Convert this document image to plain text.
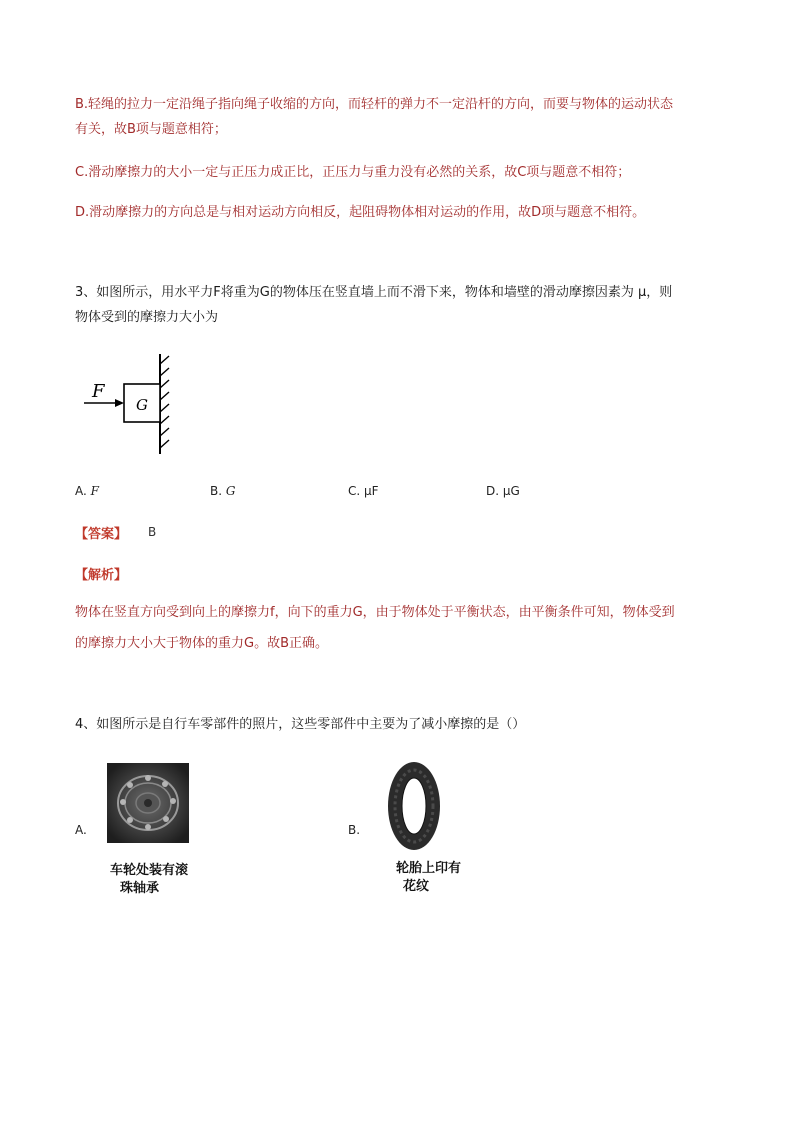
B.轻绳的拉力一定沿绳子指向绳子收缩的方向，而轻杆的弹力不一定沿杆的方向，而要与物体的运动状态
有关，故B项与题意相符；
C.滑动摩擦力的大小一定与正压力成正比，正压力与重力没有必然的关系，故C项与题意不相符；
D.滑动摩擦力的方向总是与相对运动方向相反，起阻碍物体相对运动的作用，故D项与题意不相符。
3、如图所示，用水平力F将重为G的物体压在竖直墙上而不滑下来，物体和墙壁的滑动摩擦因素为 μ，则
物体受到的摩擦力大小为
F
G
A. F	B. G	C. μF	D. μG
【答案】 B
【解析】
物体在竖直方向受到向上的摩擦力f，向下的重力G，由于物体处于平衡状态，由平衡条件可知，物体受到
的摩擦力大小大于物体的重力G。故B正确。
4、如图所示是自行车零部件的照片，这些零部件中主要为了减小摩擦的是（）
A.
车轮处装有滚
珠轴承
B.
轮胎上印有
花纹
